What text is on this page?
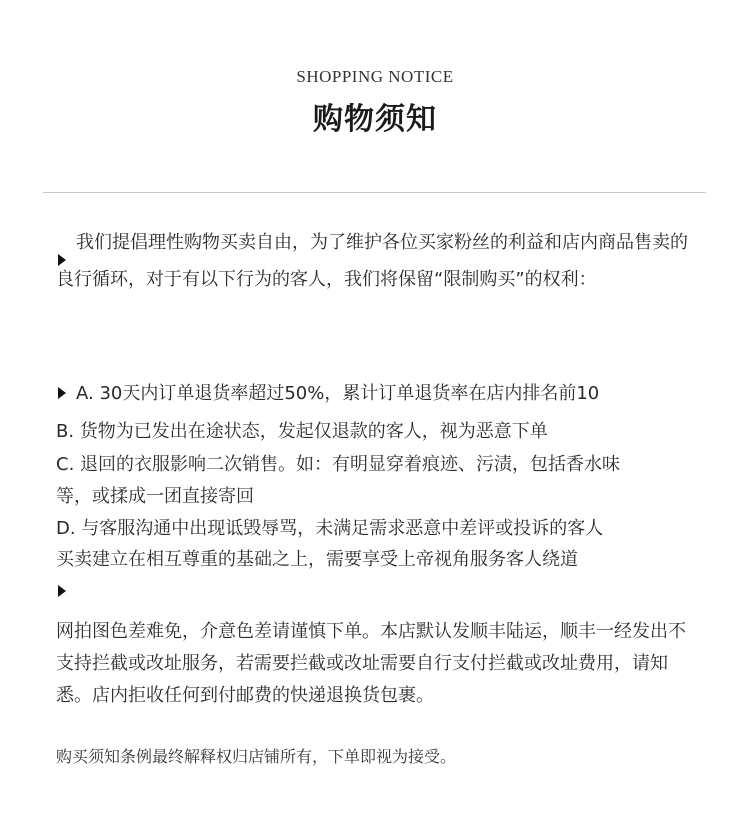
SHOPPING NOTICE
购物须知
我们提倡理性购物买卖自由，为了维护各位买家粉丝的利益和店内商品售卖的良行循环，对于有以下行为的客人，我们将保留“限制购买”的权利：
A. 30天内订单退货率超过50%，累计订单退货率在店内排名前10
B. 货物为已发出在途状态，发起仅退款的客人，视为恶意下单
C. 退回的衣服影响二次销售。如：有明显穿着痕迹、污渍，包括香水味
等，或揉成一团直接寄回
D. 与客服沟通中出现诋毁辱骂，未满足需求恶意中差评或投诉的客人
买卖建立在相互尊重的基础之上，需要享受上帝视角服务客人绕道
网拍图色差难免，介意色差请谨慎下单。本店默认发顺丰陆运，顺丰一经发出不支持拦截或改址服务，若需要拦截或改址需要自行支付拦截或改址费用，请知悉。店内拒收任何到付邮费的快递退换货包裹。
购买须知条例最终解释权归店铺所有，下单即视为接受。
